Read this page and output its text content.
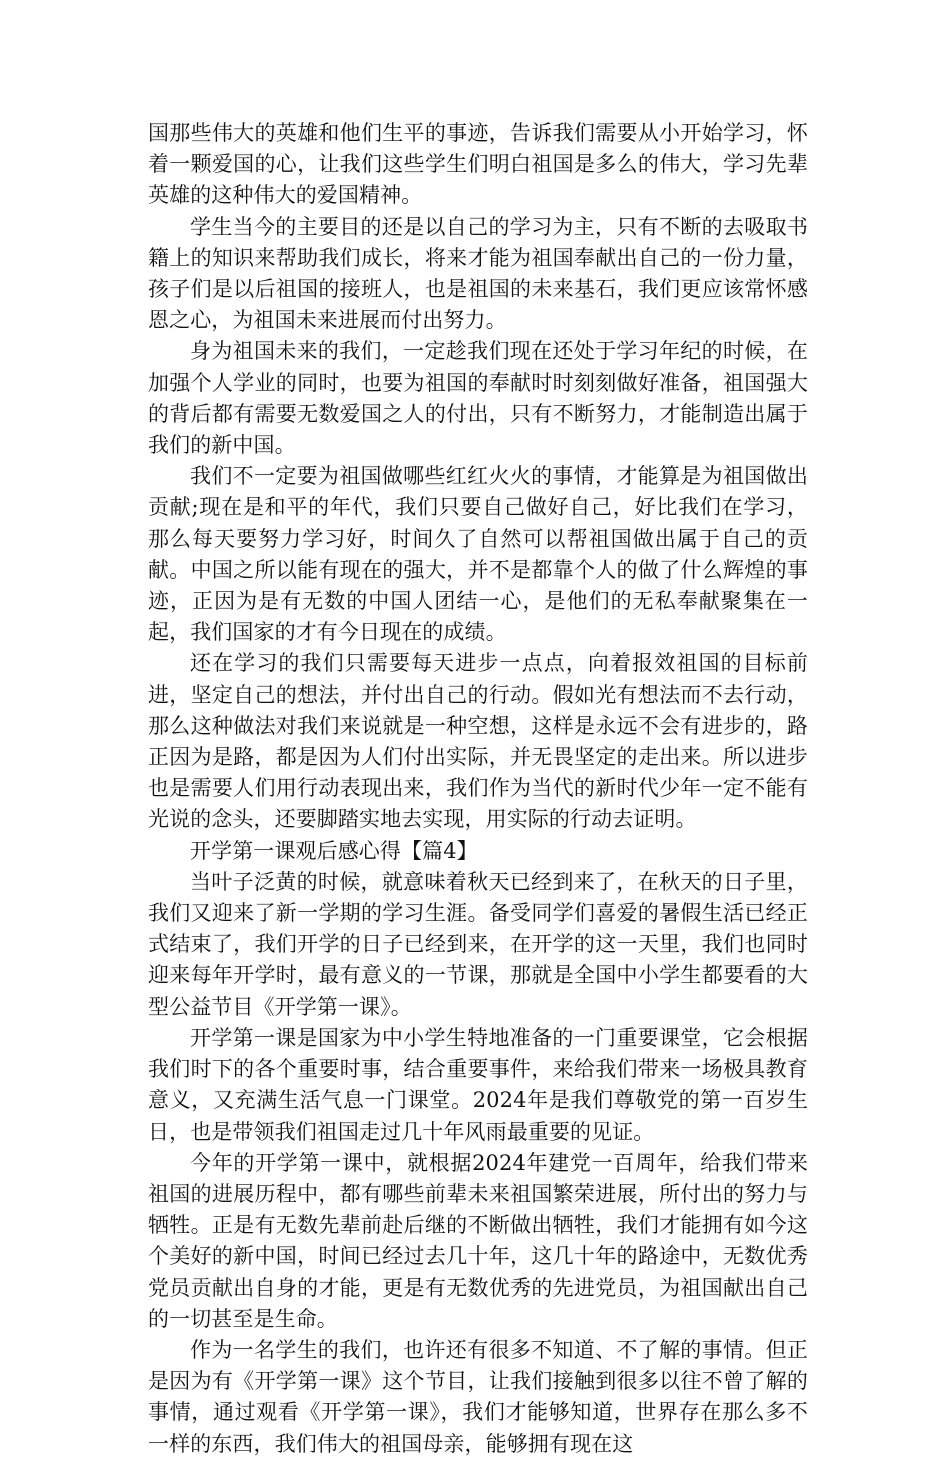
国那些伟大的英雄和他们生平的事迹，告诉我们需要从小开始学习，怀着一颗爱国的心，让我们这些学生们明白祖国是多么的伟大，学习先辈英雄的这种伟大的爱国精神。

学生当今的主要目的还是以自己的学习为主，只有不断的去吸取书籍上的知识来帮助我们成长，将来才能为祖国奉献出自己的一份力量，孩子们是以后祖国的接班人，也是祖国的未来基石，我们更应该常怀感恩之心，为祖国未来进展而付出努力。

身为祖国未来的我们，一定趁我们现在还处于学习年纪的时候，在加强个人学业的同时，也要为祖国的奉献时时刻刻做好准备，祖国强大的背后都有需要无数爱国之人的付出，只有不断努力，才能制造出属于我们的新中国。

我们不一定要为祖国做哪些红红火火的事情，才能算是为祖国做出贡献;现在是和平的年代，我们只要自己做好自己，好比我们在学习，那么每天要努力学习好，时间久了自然可以帮祖国做出属于自己的贡献。中国之所以能有现在的强大，并不是都靠个人的做了什么辉煌的事迹，正因为是有无数的中国人团结一心，是他们的无私奉献聚集在一起，我们国家的才有今日现在的成绩。

还在学习的我们只需要每天进步一点点，向着报效祖国的目标前进，坚定自己的想法，并付出自己的行动。假如光有想法而不去行动，那么这种做法对我们来说就是一种空想，这样是永远不会有进步的，路正因为是路，都是因为人们付出实际，并无畏坚定的走出来。所以进步也是需要人们用行动表现出来，我们作为当代的新时代少年一定不能有光说的念头，还要脚踏实地去实现，用实际的行动去证明。

开学第一课观后感心得【篇4】

当叶子泛黄的时候，就意味着秋天已经到来了，在秋天的日子里，我们又迎来了新一学期的学习生涯。备受同学们喜爱的暑假生活已经正式结束了，我们开学的日子已经到来，在开学的这一天里，我们也同时迎来每年开学时，最有意义的一节课，那就是全国中小学生都要看的大型公益节目《开学第一课》。

开学第一课是国家为中小学生特地准备的一门重要课堂，它会根据我们时下的各个重要时事，结合重要事件，来给我们带来一场极具教育意义，又充满生活气息一门课堂。2024年是我们尊敬党的第一百岁生日，也是带领我们祖国走过几十年风雨最重要的见证。

今年的开学第一课中，就根据2024年建党一百周年，给我们带来祖国的进展历程中，都有哪些前辈未来祖国繁荣进展，所付出的努力与牺牲。正是有无数先辈前赴后继的不断做出牺牲，我们才能拥有如今这个美好的新中国，时间已经过去几十年，这几十年的路途中，无数优秀党员贡献出自身的才能，更是有无数优秀的先进党员，为祖国献出自己的一切甚至是生命。

作为一名学生的我们，也许还有很多不知道、不了解的事情。但正是因为有《开学第一课》这个节目，让我们接触到很多以往不曾了解的事情，通过观看《开学第一课》，我们才能够知道，世界存在那么多不一样的东西，我们伟大的祖国母亲，能够拥有现在这
